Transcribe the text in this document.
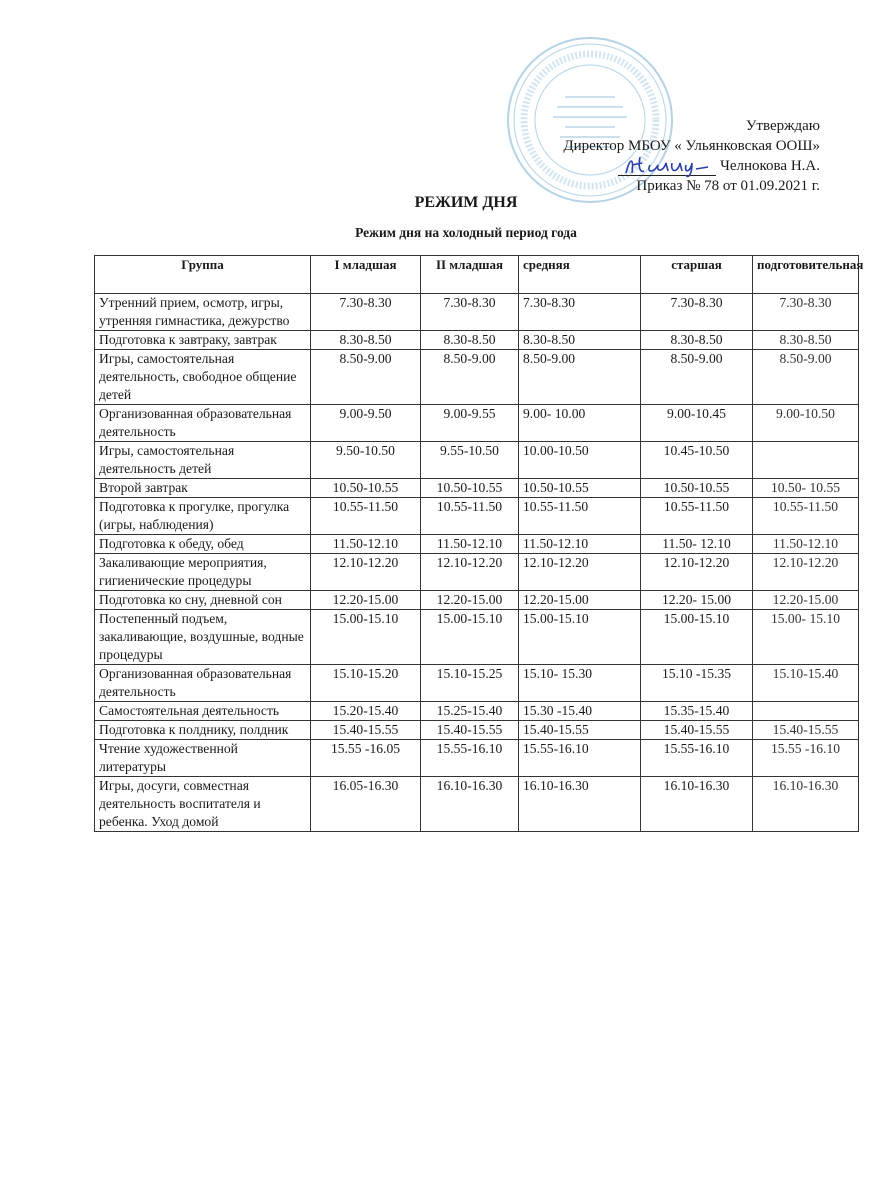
Утверждаю
Директор МБОУ « Ульянковская ООШ»
Челнокова Н.А.
Приказ № 78 от 01.09.2021 г.
РЕЖИМ ДНЯ
Режим дня на холодный период года
Группа	I младшая	II младшая	средняя	старшая	подготовительная
Утренний прием, осмотр, игры, утренняя гимнастика, дежурство	7.30-8.30	7.30-8.30	7.30-8.30	7.30-8.30	7.30-8.30
Подготовка к завтраку, завтрак	8.30-8.50	8.30-8.50	8.30-8.50	8.30-8.50	8.30-8.50
Игры, самостоятельная деятельность, свободное общение детей	8.50-9.00	8.50-9.00	8.50-9.00	8.50-9.00	8.50-9.00
Организованная образовательная деятельность	9.00-9.50	9.00-9.55	9.00- 10.00	9.00-10.45	9.00-10.50
Игры, самостоятельная деятельность детей	9.50-10.50	9.55-10.50	10.00-10.50	10.45-10.50	
Второй завтрак	10.50-10.55	10.50-10.55	10.50-10.55	10.50-10.55	10.50- 10.55
Подготовка к прогулке, прогулка (игры, наблюдения)	10.55-11.50	10.55-11.50	10.55-11.50	10.55-11.50	10.55-11.50
Подготовка к обеду, обед	11.50-12.10	11.50-12.10	11.50-12.10	11.50- 12.10	11.50-12.10
Закаливающие мероприятия, гигиенические процедуры	12.10-12.20	12.10-12.20	12.10-12.20	12.10-12.20	12.10-12.20
Подготовка ко сну, дневной сон	12.20-15.00	12.20-15.00	12.20-15.00	12.20- 15.00	12.20-15.00
Постепенный подъем, закаливающие, воздушные, водные процедуры	15.00-15.10	15.00-15.10	15.00-15.10	15.00-15.10	15.00- 15.10
Организованная образовательная деятельность	15.10-15.20	15.10-15.25	15.10- 15.30	15.10 -15.35	15.10-15.40
Самостоятельная деятельность	15.20-15.40	15.25-15.40	15.30 -15.40	15.35-15.40	
Подготовка к полднику, полдник	15.40-15.55	15.40-15.55	15.40-15.55	15.40-15.55	15.40-15.55
Чтение художественной литературы	15.55 -16.05	15.55-16.10	15.55-16.10	15.55-16.10	15.55 -16.10
Игры, досуги, совместная деятельность воспитателя и ребенка. Уход домой	16.05-16.30	16.10-16.30	16.10-16.30	16.10-16.30	16.10-16.30
